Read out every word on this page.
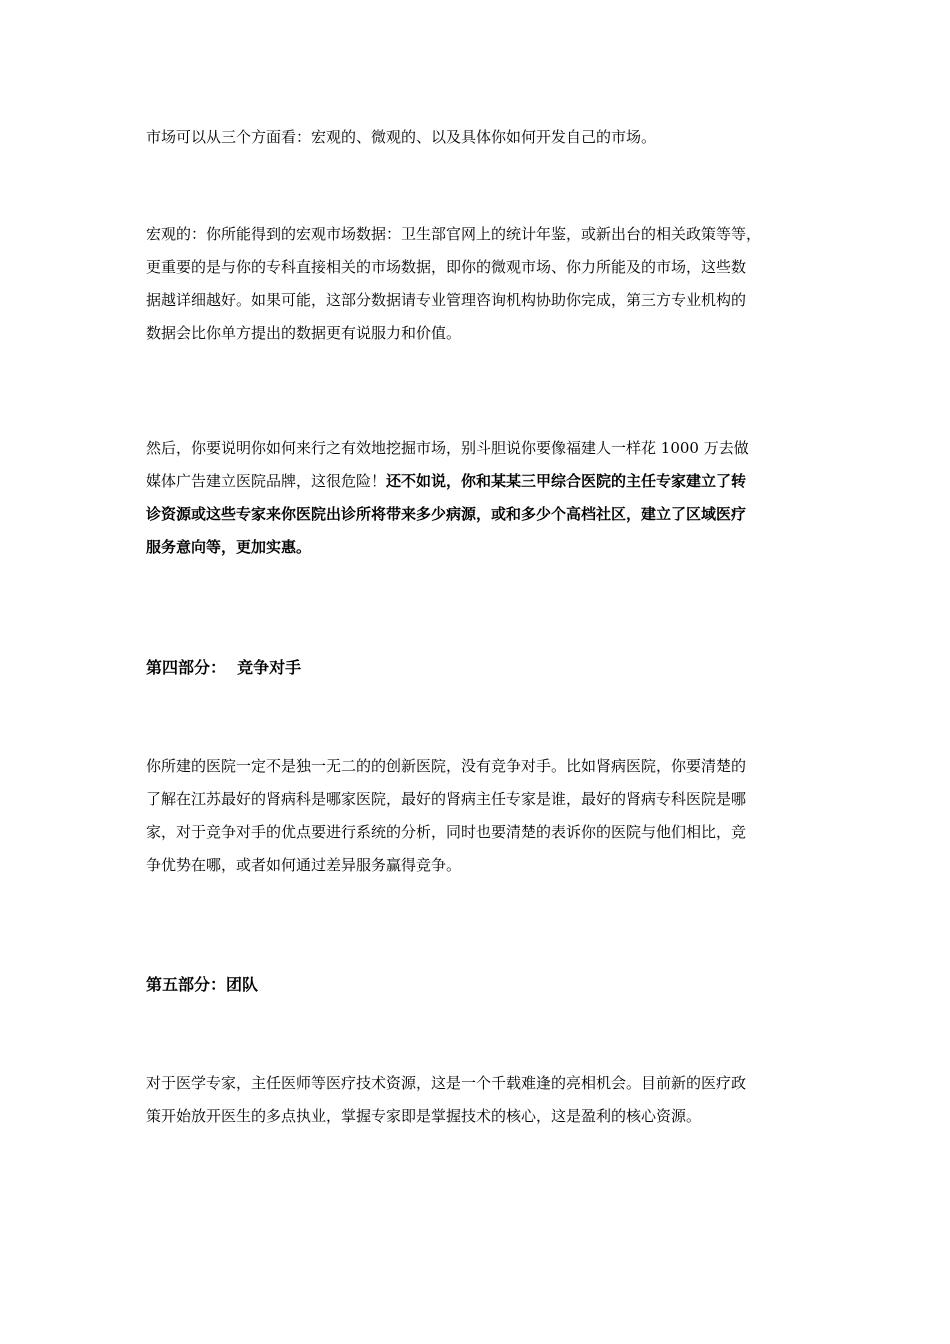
市场可以从三个方面看：宏观的、微观的、以及具体你如何开发自己的市场。

宏观的：你所能得到的宏观市场数据：卫生部官网上的统计年鉴，或新出台的相关政策等等，
更重要的是与你的专科直接相关的市场数据，即你的微观市场、你力所能及的市场，这些数
据越详细越好。如果可能，这部分数据请专业管理咨询机构协助你完成，第三方专业机构的
数据会比你单方提出的数据更有说服力和价值。

然后，你要说明你如何来行之有效地挖掘市场，别斗胆说你要像福建人一样花 1000 万去做
媒体广告建立医院品牌，这很危险！还不如说，你和某某三甲综合医院的主任专家建立了转
诊资源或这些专家来你医院出诊所将带来多少病源，或和多少个高档社区，建立了区域医疗
服务意向等，更加实惠。

第四部分：  竞争对手

你所建的医院一定不是独一无二的的创新医院，没有竞争对手。比如肾病医院，你要清楚的
了解在江苏最好的肾病科是哪家医院，最好的肾病主任专家是谁，最好的肾病专科医院是哪
家，对于竞争对手的优点要进行系统的分析，同时也要清楚的表诉你的医院与他们相比，竞
争优势在哪，或者如何通过差异服务赢得竞争。

第五部分：团队

对于医学专家，主任医师等医疗技术资源，这是一个千载难逢的亮相机会。目前新的医疗政
策开始放开医生的多点执业，掌握专家即是掌握技术的核心，这是盈利的核心资源。
